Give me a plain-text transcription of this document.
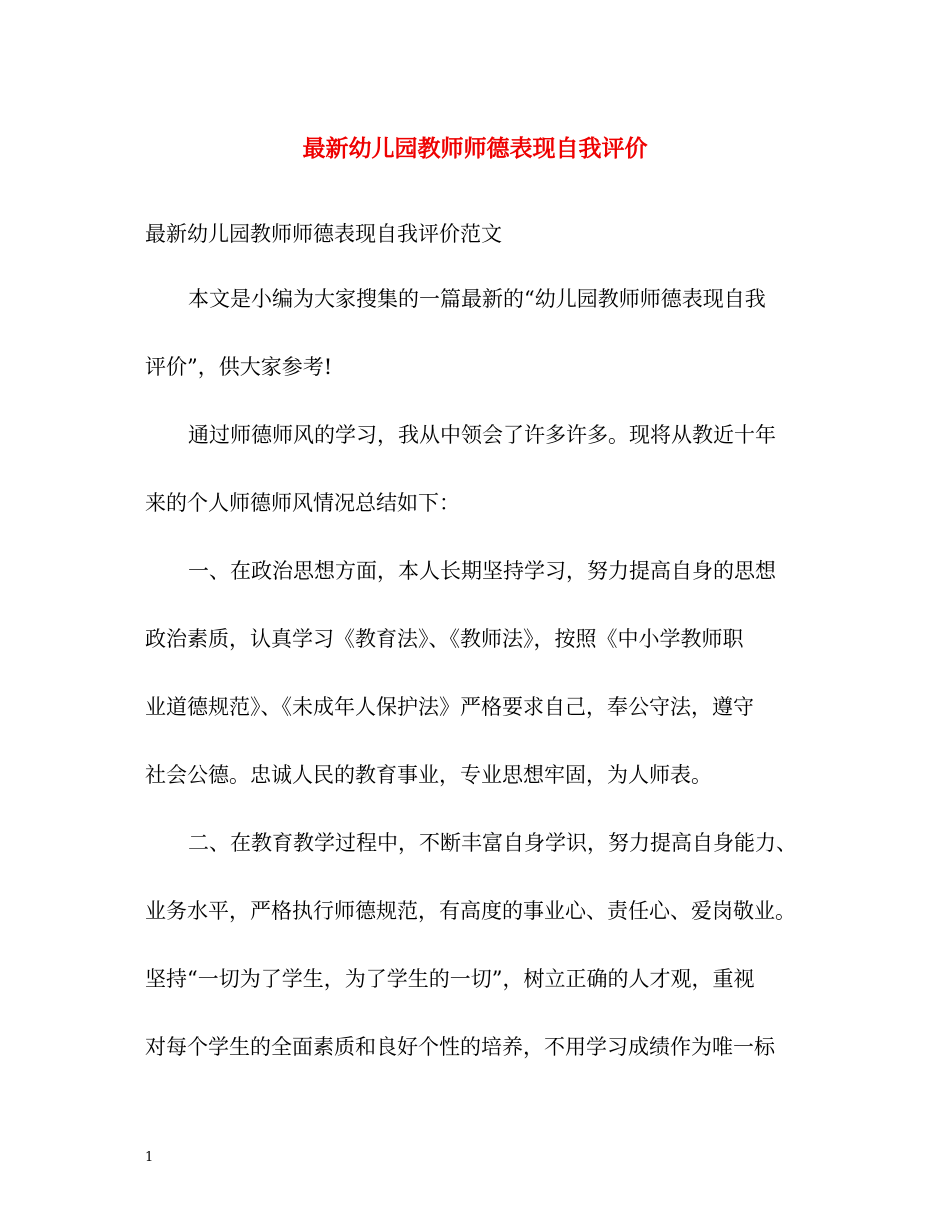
最新幼儿园教师师德表现自我评价
最新幼儿园教师师德表现自我评价范文
本文是小编为大家搜集的一篇最新的“幼儿园教师师德表现自我
评价”，供大家参考!
通过师德师风的学习，我从中领会了许多许多。现将从教近十年
来的个人师德师风情况总结如下：
一、在政治思想方面，本人长期坚持学习，努力提高自身的思想
政治素质，认真学习《教育法》、《教师法》，按照《中小学教师职
业道德规范》、《未成年人保护法》严格要求自己，奉公守法，遵守
社会公德。忠诚人民的教育事业，专业思想牢固，为人师表。
二、在教育教学过程中，不断丰富自身学识，努力提高自身能力、
业务水平，严格执行师德规范，有高度的事业心、责任心、爱岗敬业。
坚持“一切为了学生，为了学生的一切”，树立正确的人才观，重视
对每个学生的全面素质和良好个性的培养，不用学习成绩作为唯一标
1
